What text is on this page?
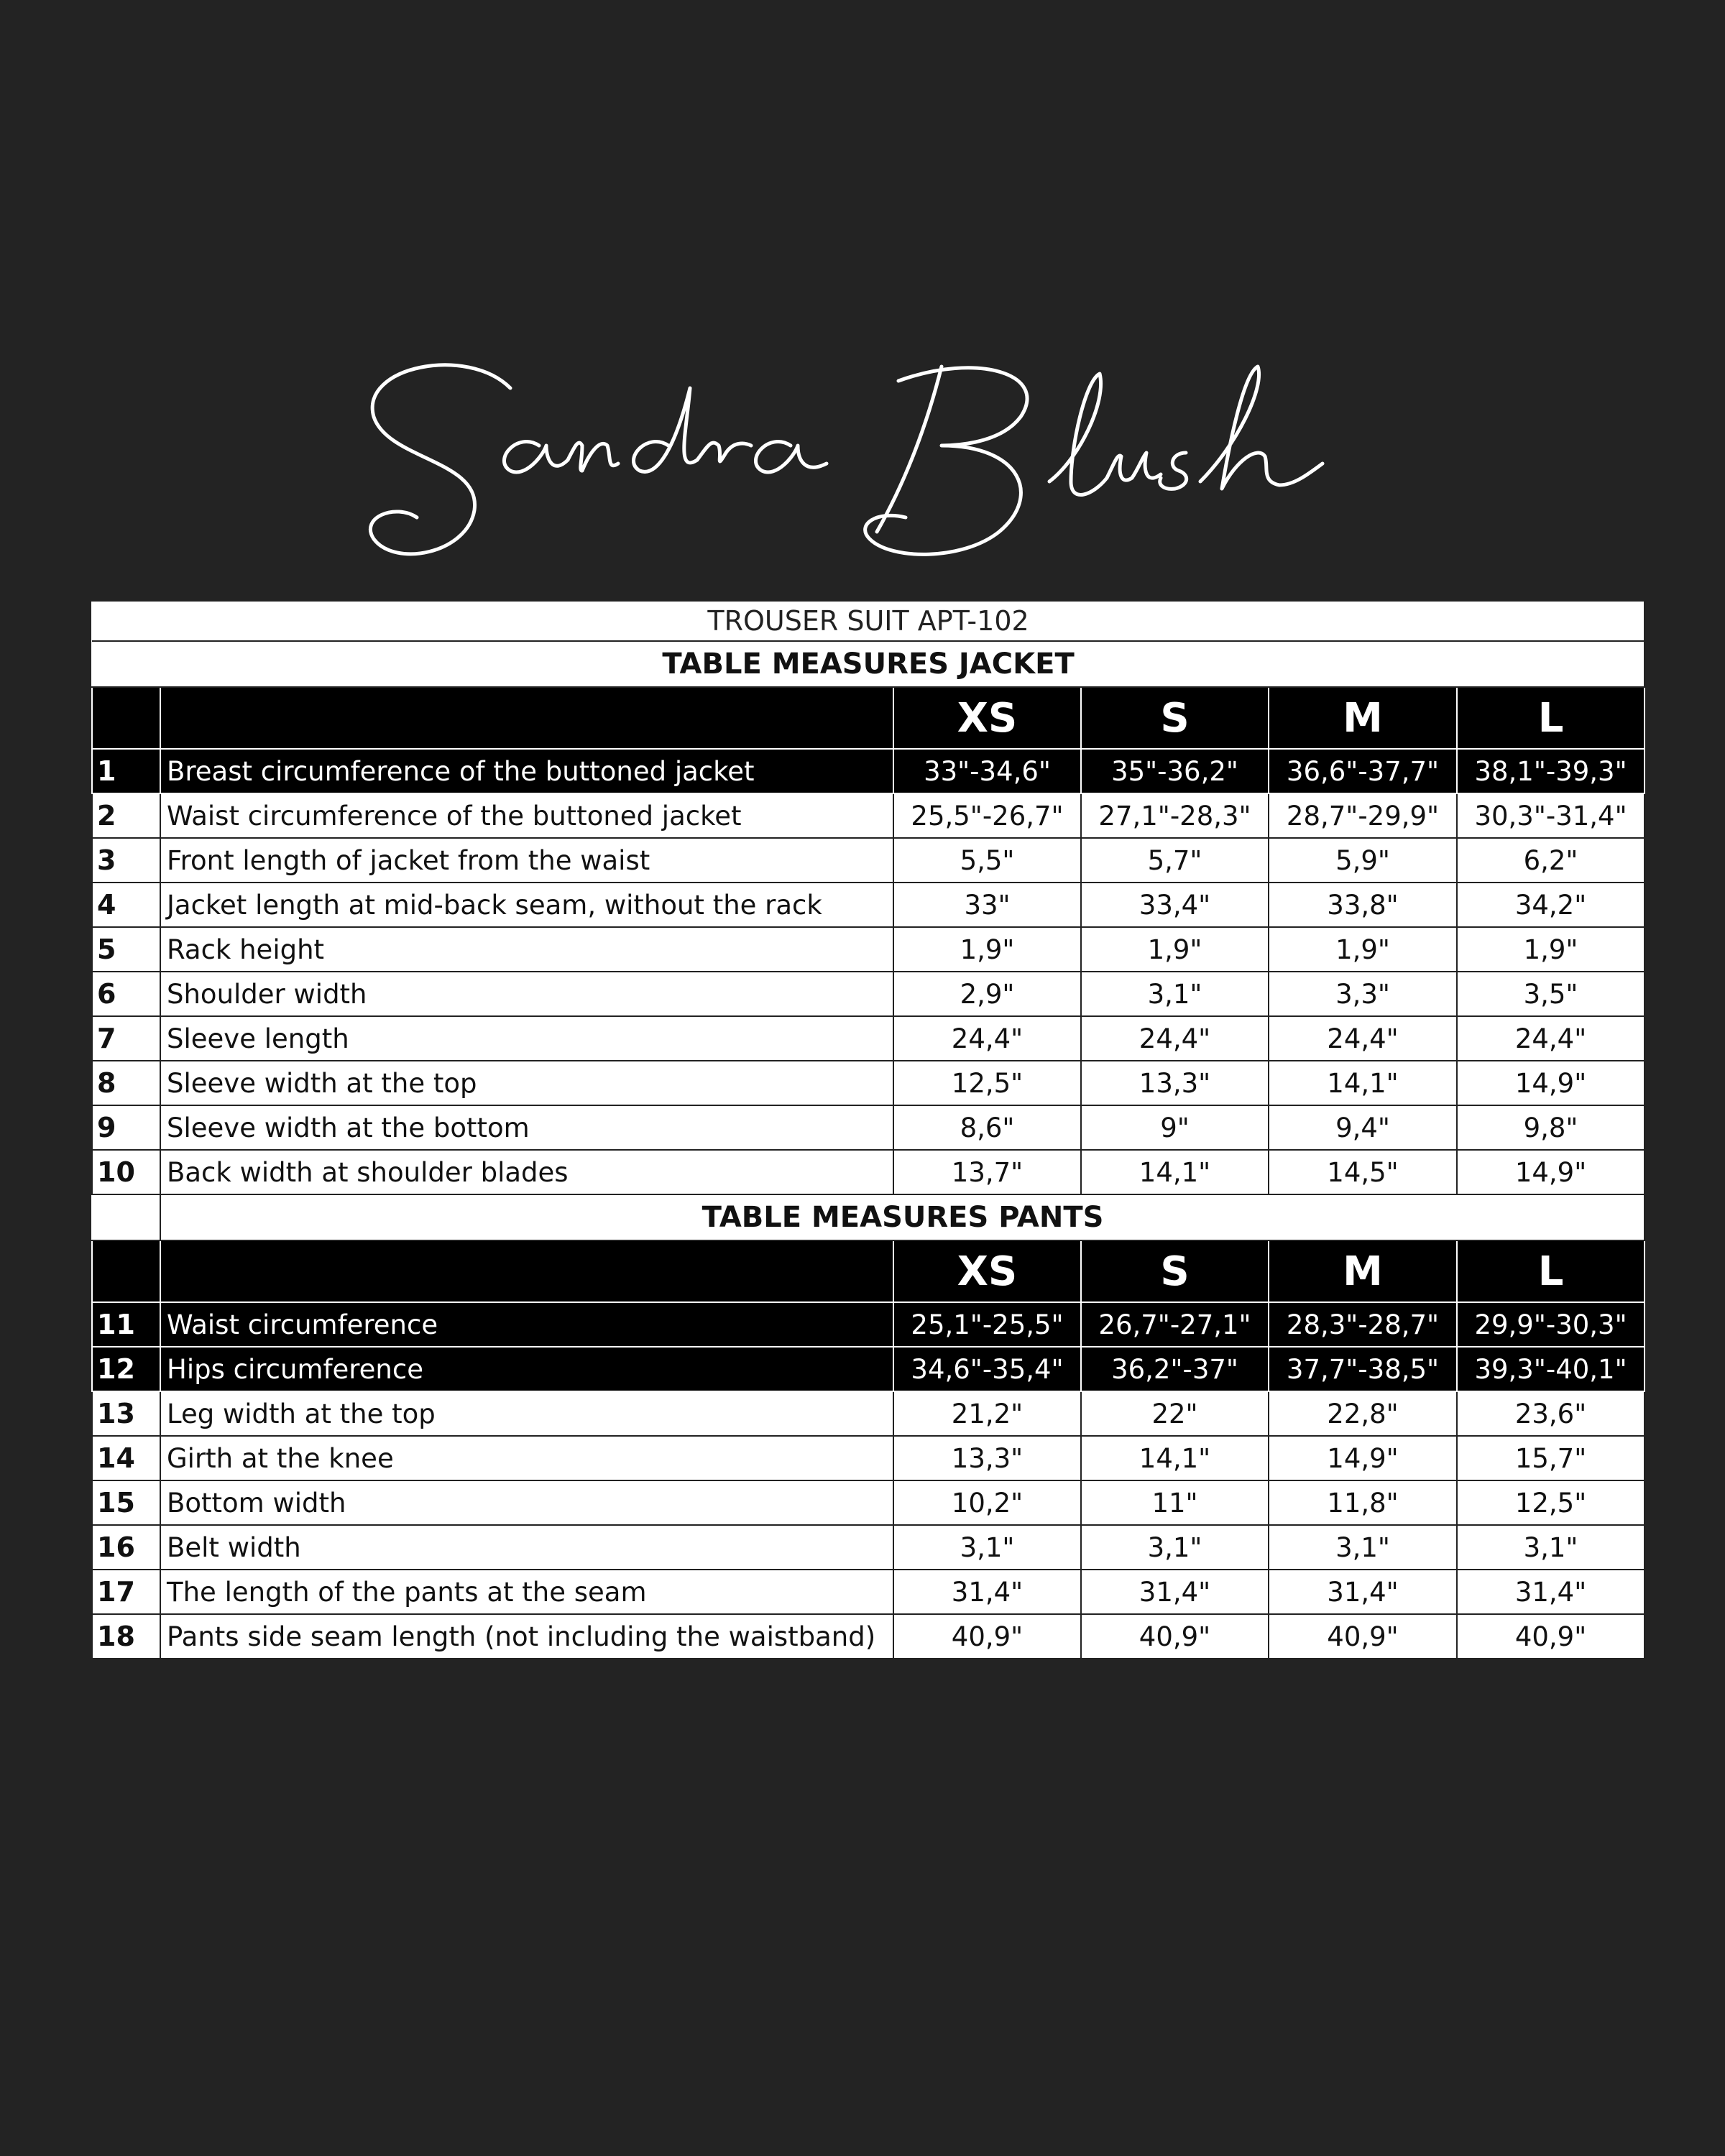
TROUSER SUIT APT-102					
TABLE MEASURES JACKET					
		XS	S	M	L
1	Breast circumference of the buttoned jacket	33"-34,6"	35"-36,2"	36,6"-37,7"	38,1"-39,3"
2	Waist circumference of the buttoned jacket	25,5"-26,7"	27,1"-28,3"	28,7"-29,9"	30,3"-31,4"
3	Front length of jacket from the waist	5,5"	5,7"	5,9"	6,2"
4	Jacket length at mid-back seam, without the rack	33"	33,4"	33,8"	34,2"
5	Rack height	1,9"	1,9"	1,9"	1,9"
6	Shoulder width	2,9"	3,1"	3,3"	3,5"
7	Sleeve length	24,4"	24,4"	24,4"	24,4"
8	Sleeve width at the top	12,5"	13,3"	14,1"	14,9"
9	Sleeve width at the bottom	8,6"	9"	9,4"	9,8"
10	Back width at shoulder blades	13,7"	14,1"	14,5"	14,9"
	TABLE MEASURES PANTS				
		XS	S	M	L
11	Waist circumference	25,1"-25,5"	26,7"-27,1"	28,3"-28,7"	29,9"-30,3"
12	Hips circumference	34,6"-35,4"	36,2"-37"	37,7"-38,5"	39,3"-40,1"
13	Leg width at the top	21,2"	22"	22,8"	23,6"
14	Girth at the knee	13,3"	14,1"	14,9"	15,7"
15	Bottom width	10,2"	11"	11,8"	12,5"
16	Belt width	3,1"	3,1"	3,1"	3,1"
17	The length of the pants at the seam	31,4"	31,4"	31,4"	31,4"
18	Pants side seam length (not including the waistband)	40,9"	40,9"	40,9"	40,9"
